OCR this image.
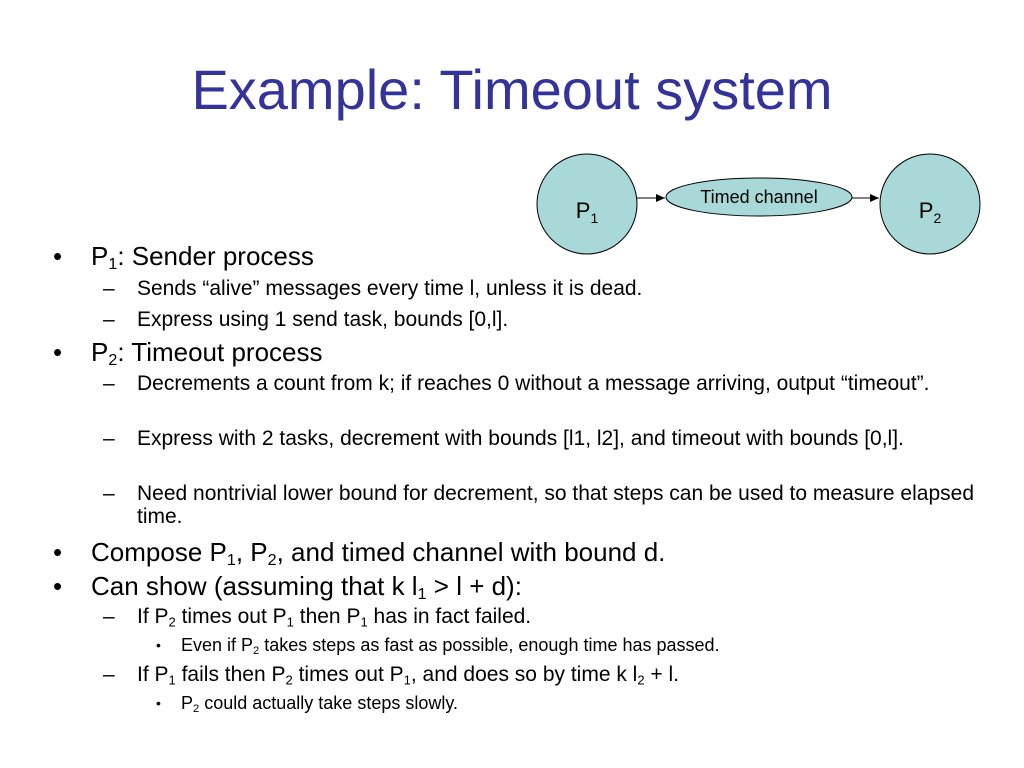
Example: Timeout system
$P_1$	$P_2$
Timed channel
• $P_1$: Sender process
– Sends “alive” messages every time l, unless it is dead.
– Express using 1 send task, bounds [0,l].
• $P_2$: Timeout process
– Decrements a count from k; if reaches 0 without a message arriving, output “timeout”.
– Express with 2 tasks, decrement with bounds [l1, l2], and timeout with bounds [0,l].
– Need nontrivial lower bound for decrement, so that steps can be used to measure elapsed time.
• Compose $P_1$, $P_2$, and timed channel with bound d.
• Can show (assuming that k $l_1 > l + d$):
– If $P_2$ times out $P_1$ then $P_1$ has in fact failed.
• Even if $P_2$ takes steps as fast as possible, enough time has passed.
– If $P_1$ fails then $P_2$ times out $P_1$, and does so by time k $l_2 + l$.
• $P_2$ could actually take steps slowly.
